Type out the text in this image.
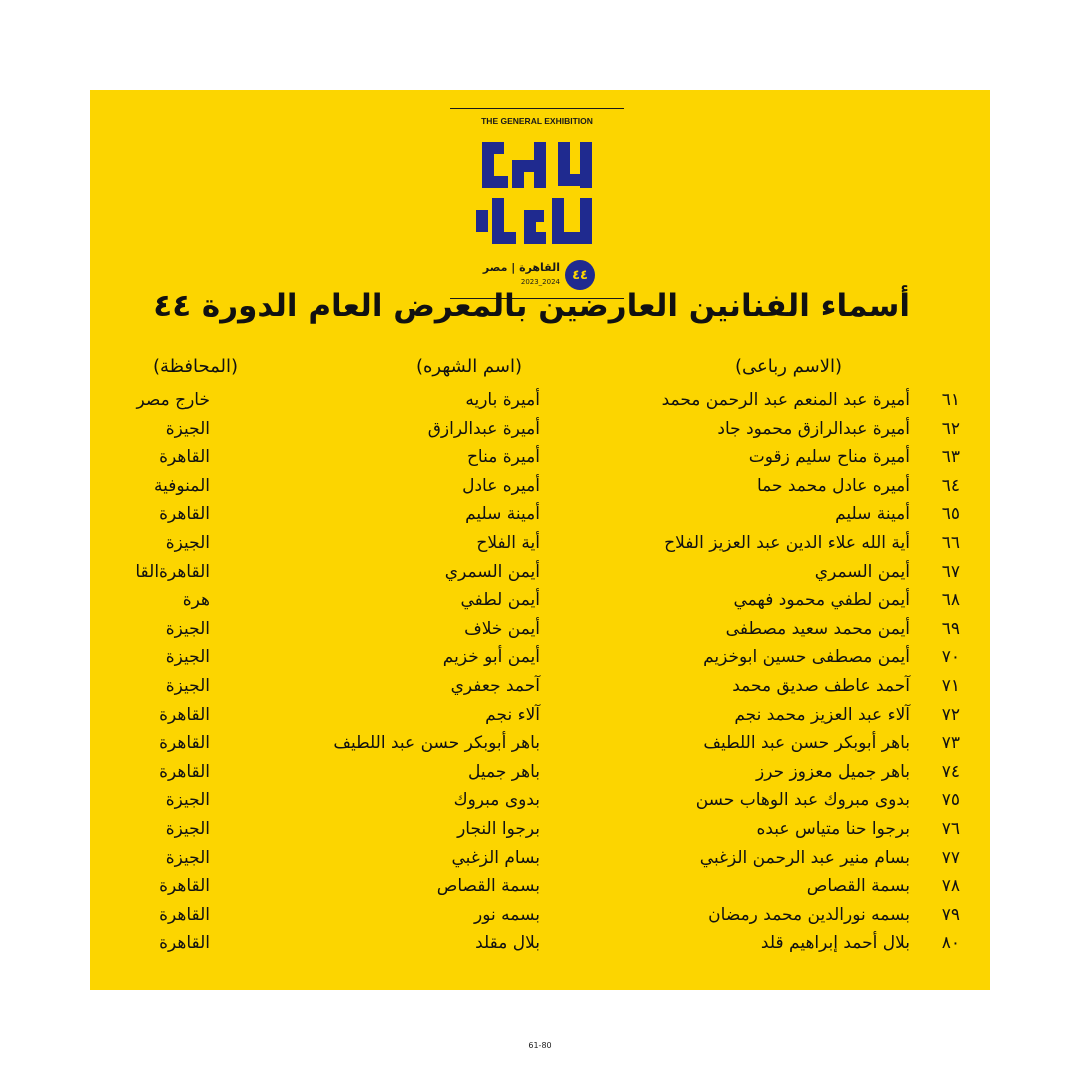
THE GENERAL EXHIBITION
٤٤
القاهرة | مصر
2023_2024
أسماء الفنانين العارضين بالمعرض العام الدورة ٤٤
(الاسم رباعى)
(اسم الشهره)
(المحافظة)
٦١
أميرة عبد المنعم عبد الرحمن محمد
أميرة باريه
خارج مصر
٦٢
أميرة عبدالرازق محمود جاد
أميرة عبدالرازق
الجيزة
٦٣
أميرة مناح سليم زقوت
أميرة مناح
القاهرة
٦٤
أميره عادل محمد حما
أميره عادل
المنوفية
٦٥
أمينة سليم
أمينة سليم
القاهرة
٦٦
أية الله علاء الدين عبد العزيز الفلاح
أية الفلاح
الجيزة
٦٧
أيمن السمري
أيمن السمري
القاهرةالقا
٦٨
أيمن لطفي محمود فهمي
أيمن لطفي
هرة
٦٩
أيمن محمد سعيد مصطفى
أيمن خلاف
الجيزة
٧٠
أيمن مصطفى حسين ابوخزيم
أيمن أبو خزيم
الجيزة
٧١
آحمد عاطف صديق محمد
آحمد جعفري
الجيزة
٧٢
آلاء عبد العزيز محمد نجم
آلاء نجم
القاهرة
٧٣
باهر أبوبكر حسن عبد اللطيف
باهر أبوبكر حسن عبد اللطيف
القاهرة
٧٤
باهر جميل معزوز حرز
باهر جميل
القاهرة
٧٥
بدوى مبروك عبد الوهاب حسن
بدوى مبروك
الجيزة
٧٦
برجوا حنا متياس عبده
برجوا النجار
الجيزة
٧٧
بسام منير عبد الرحمن الزغبي
بسام الزغبي
الجيزة
٧٨
بسمة القصاص
بسمة القصاص
القاهرة
٧٩
بسمه نورالدين محمد رمضان
بسمه نور
القاهرة
٨٠
بلال أحمد إبراهيم قلد
بلال مقلد
القاهرة
61-80
